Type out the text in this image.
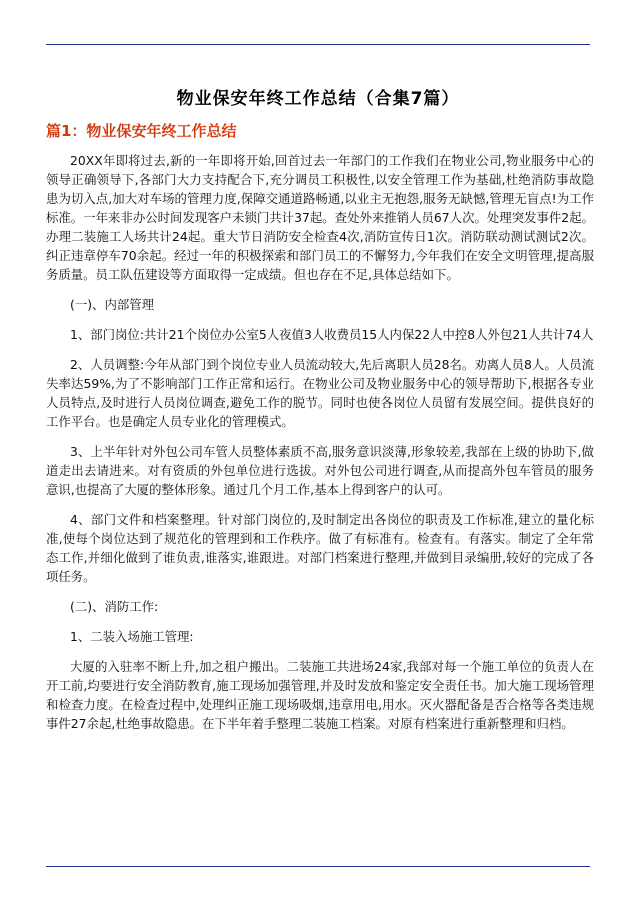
物业保安年终工作总结（合集7篇）
篇1：物业保安年终工作总结

20XX年即将过去,新的一年即将开始,回首过去一年部门的工作我们在物业公司,物业服务中心的领导正确领导下,各部门大力支持配合下,充分调员工积极性,以安全管理工作为基础,杜绝消防事故隐患为切入点,加大对车场的管理力度,保障交通道路畅通,以业主无抱怨,服务无缺憾,管理无盲点!为工作标准。一年来非办公时间发现客户未锁门共计37起。查处外来推销人员67人次。处理突发事件2起。办理二装施工人场共计24起。重大节日消防安全检查4次,消防宣传日1次。消防联动测试测试2次。纠正违章停车70余起。经过一年的积极探索和部门员工的不懈努力,今年我们在安全文明管理,提高服务质量。员工队伍建设等方面取得一定成绩。但也存在不足,具体总结如下。

(一)、内部管理

1、部门岗位:共计21个岗位办公室5人夜值3人收费员15人内保22人中控8人外包21人共计74人

2、人员调整:今年从部门到个岗位专业人员流动较大,先后离职人员28名。劝离人员8人。人员流失率达59%,为了不影响部门工作正常和运行。在物业公司及物业服务中心的领导帮助下,根据各专业人员特点,及时进行人员岗位调查,避免工作的脱节。同时也使各岗位人员留有发展空间。提供良好的工作平台。也是确定人员专业化的管理模式。

3、上半年针对外包公司车管人员整体素质不高,服务意识淡薄,形象较差,我部在上级的协助下,做道走出去请进来。对有资质的外包单位进行选拔。对外包公司进行调查,从而提高外包车管员的服务意识,也提高了大厦的整体形象。通过几个月工作,基本上得到客户的认可。

4、部门文件和档案整理。针对部门岗位的,及时制定出各岗位的职责及工作标准,建立的量化标准,使每个岗位达到了规范化的管理到和工作秩序。做了有标准有。检查有。有落实。制定了全年常态工作,并细化做到了谁负责,谁落实,谁跟进。对部门档案进行整理,并做到目录编册,较好的完成了各项任务。

(二)、消防工作:

1、二装入场施工管理:

大厦的入驻率不断上升,加之租户搬出。二装施工共进场24家,我部对每一个施工单位的负责人在开工前,均要进行安全消防教育,施工现场加强管理,并及时发放和鉴定安全责任书。加大施工现场管理和检查力度。在检查过程中,处理纠正施工现场吸烟,违章用电,用水。灭火器配备是否合格等各类违规事件27余起,杜绝事故隐患。在下半年着手整理二装施工档案。对原有档案进行重新整理和归档。
